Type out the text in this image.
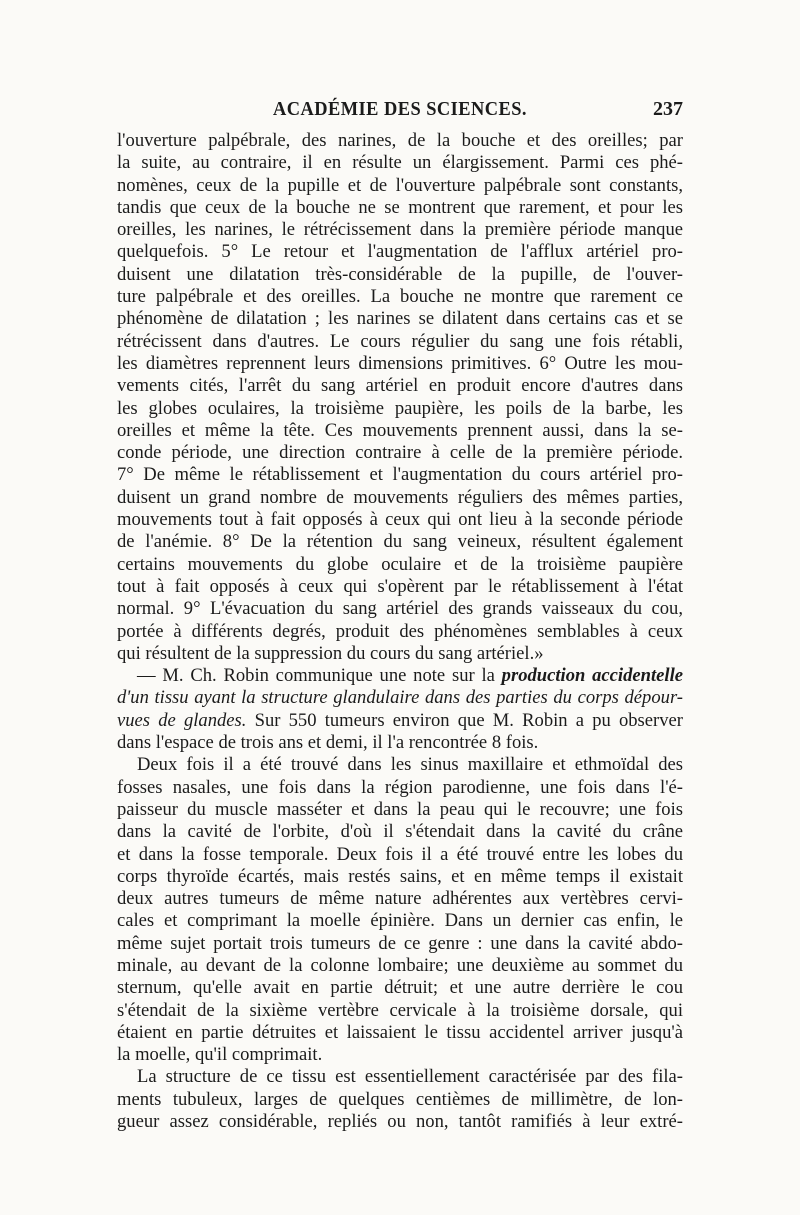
ACADÉMIE DES SCIENCES.	237
l'ouverture palpébrale, des narines, de la bouche et des oreilles; par
la suite, au contraire, il en résulte un élargissement. Parmi ces phé-
nomènes, ceux de la pupille et de l'ouverture palpébrale sont constants,
tandis que ceux de la bouche ne se montrent que rarement, et pour les
oreilles, les narines, le rétrécissement dans la première période manque
quelquefois. 5° Le retour et l'augmentation de l'afflux artériel pro-
duisent une dilatation très-considérable de la pupille, de l'ouver-
ture palpébrale et des oreilles. La bouche ne montre que rarement ce
phénomène de dilatation ; les narines se dilatent dans certains cas et se
rétrécissent dans d'autres. Le cours régulier du sang une fois rétabli,
les diamètres reprennent leurs dimensions primitives. 6° Outre les mou-
vements cités, l'arrêt du sang artériel en produit encore d'autres dans
les globes oculaires, la troisième paupière, les poils de la barbe, les
oreilles et même la tête. Ces mouvements prennent aussi, dans la se-
conde période, une direction contraire à celle de la première période.
7° De même le rétablissement et l'augmentation du cours artériel pro-
duisent un grand nombre de mouvements réguliers des mêmes parties,
mouvements tout à fait opposés à ceux qui ont lieu à la seconde période
de l'anémie. 8° De la rétention du sang veineux, résultent également
certains mouvements du globe oculaire et de la troisième paupière
tout à fait opposés à ceux qui s'opèrent par le rétablissement à l'état
normal. 9° L'évacuation du sang artériel des grands vaisseaux du cou,
portée à différents degrés, produit des phénomènes semblables à ceux
qui résultent de la suppression du cours du sang artériel.»
— M. Ch. Robin communique une note sur la production accidentelle
d'un tissu ayant la structure glandulaire dans des parties du corps dépour-
vues de glandes. Sur 550 tumeurs environ que M. Robin a pu observer
dans l'espace de trois ans et demi, il l'a rencontrée 8 fois.
Deux fois il a été trouvé dans les sinus maxillaire et ethmoïdal des
fosses nasales, une fois dans la région parodienne, une fois dans l'é-
paisseur du muscle masséter et dans la peau qui le recouvre; une fois
dans la cavité de l'orbite, d'où il s'étendait dans la cavité du crâne
et dans la fosse temporale. Deux fois il a été trouvé entre les lobes du
corps thyroïde écartés, mais restés sains, et en même temps il existait
deux autres tumeurs de même nature adhérentes aux vertèbres cervi-
cales et comprimant la moelle épinière. Dans un dernier cas enfin, le
même sujet portait trois tumeurs de ce genre : une dans la cavité abdo-
minale, au devant de la colonne lombaire; une deuxième au sommet du
sternum, qu'elle avait en partie détruit; et une autre derrière le cou
s'étendait de la sixième vertèbre cervicale à la troisième dorsale, qui
étaient en partie détruites et laissaient le tissu accidentel arriver jusqu'à
la moelle, qu'il comprimait.
La structure de ce tissu est essentiellement caractérisée par des fila-
ments tubuleux, larges de quelques centièmes de millimètre, de lon-
gueur assez considérable, repliés ou non, tantôt ramifiés à leur extré-
